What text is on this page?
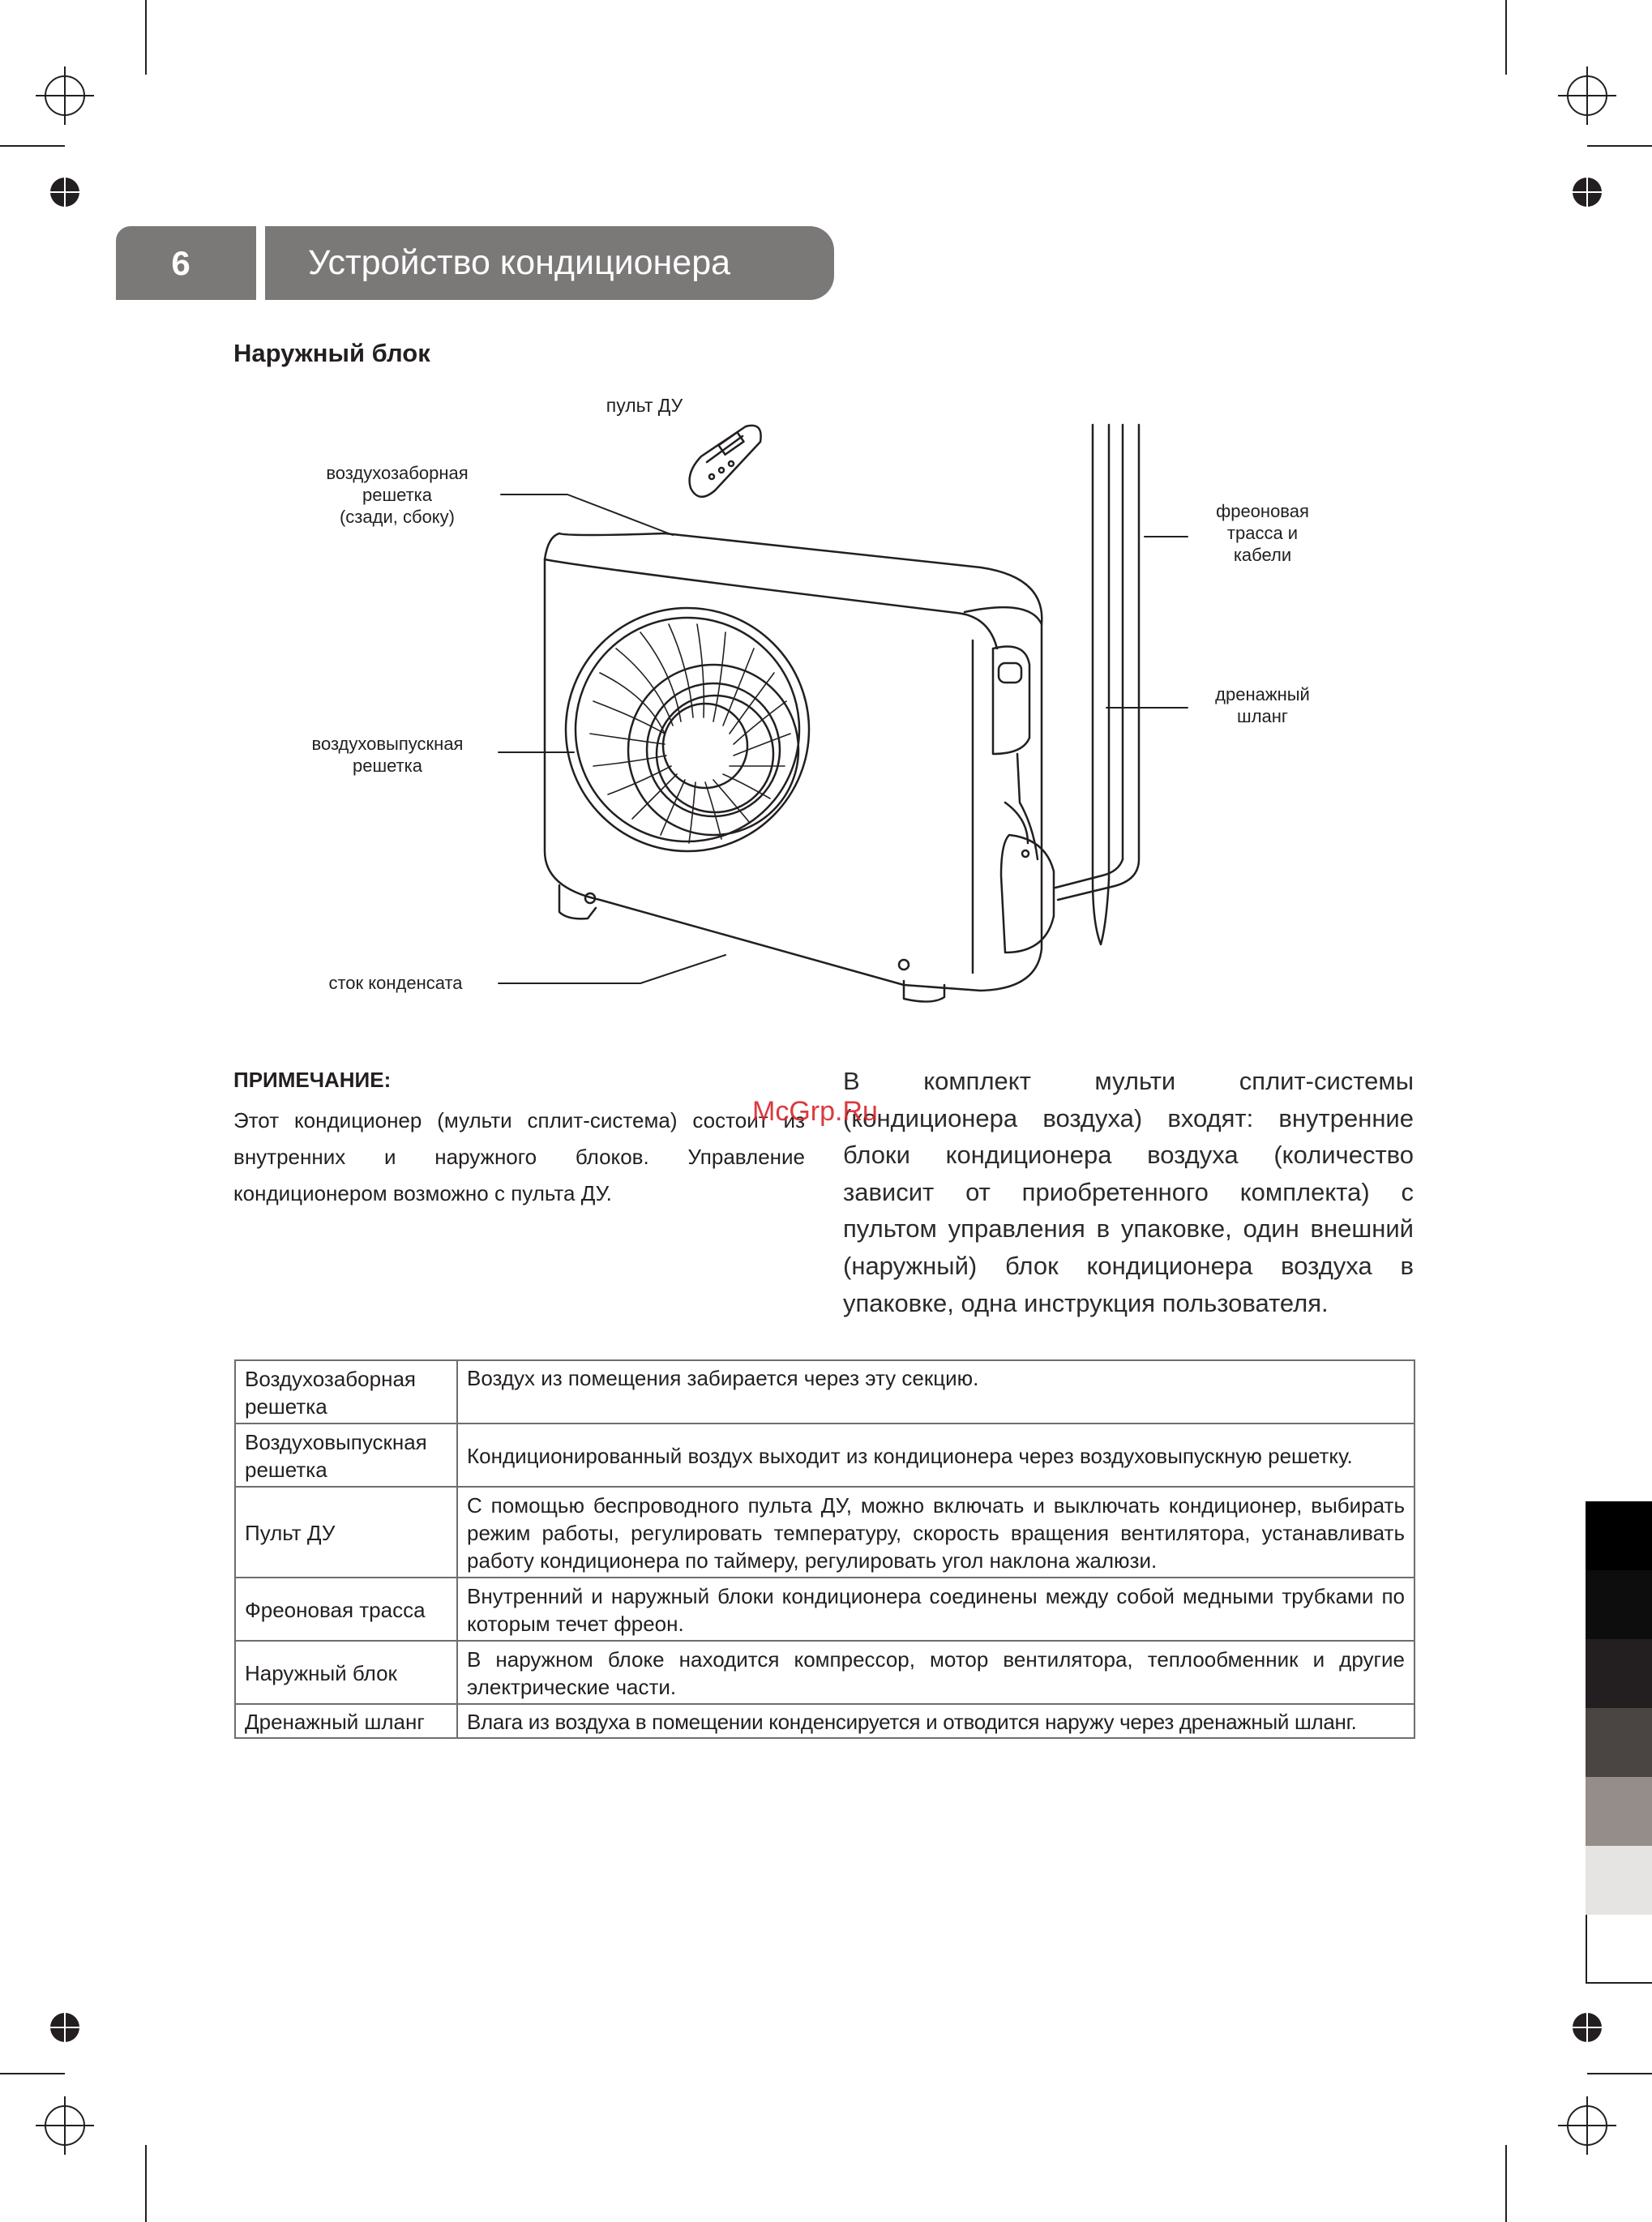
6	Устройство кондиционера
Наружный блок
пульт ДУ
воздухозаборная
решетка
(сзади, сбоку)
воздуховыпускная
решетка
сток конденсата
фреоновая
трасса и
кабели
дренажный
шланг
ПРИМЕЧАНИЕ:
Этот кондиционер (мульти сплит-система) состоит из внутренних и наружного блоков. Управление кондиционером возможно с пульта ДУ.
В комплект мульти сплит-системы (кондиционера воздуха) входят: внутренние блоки кондиционера воздуха (количество зависит от приобретенного комплекта) с пультом управления в упаковке, один внешний (наружный) блок кондиционера воздуха в упаковке, одна инструкция пользователя.
McGrp.Ru
Воздухозаборная решетка	Воздух из помещения забирается через эту секцию.
Воздуховыпускная решетка	Кондиционированный воздух выходит из кондиционера через воздуховыпускную решетку.
Пульт ДУ	С помощью беспроводного пульта ДУ, можно включать и выключать кондиционер, выбирать режим работы, регулировать температуру, скорость вращения вентилятора, устанавливать работу кондиционера по таймеру, регулировать угол наклона жалюзи.
Фреоновая трасса	Внутренний и наружный блоки кондиционера соединены между собой медными трубками по которым течет фреон.
Наружный блок	В наружном блоке находится компрессор, мотор вентилятора, теплообменник и другие электрические части.
Дренажный шланг	Влага из воздуха в помещении конденсируется и отводится наружу через дренажный шланг.
